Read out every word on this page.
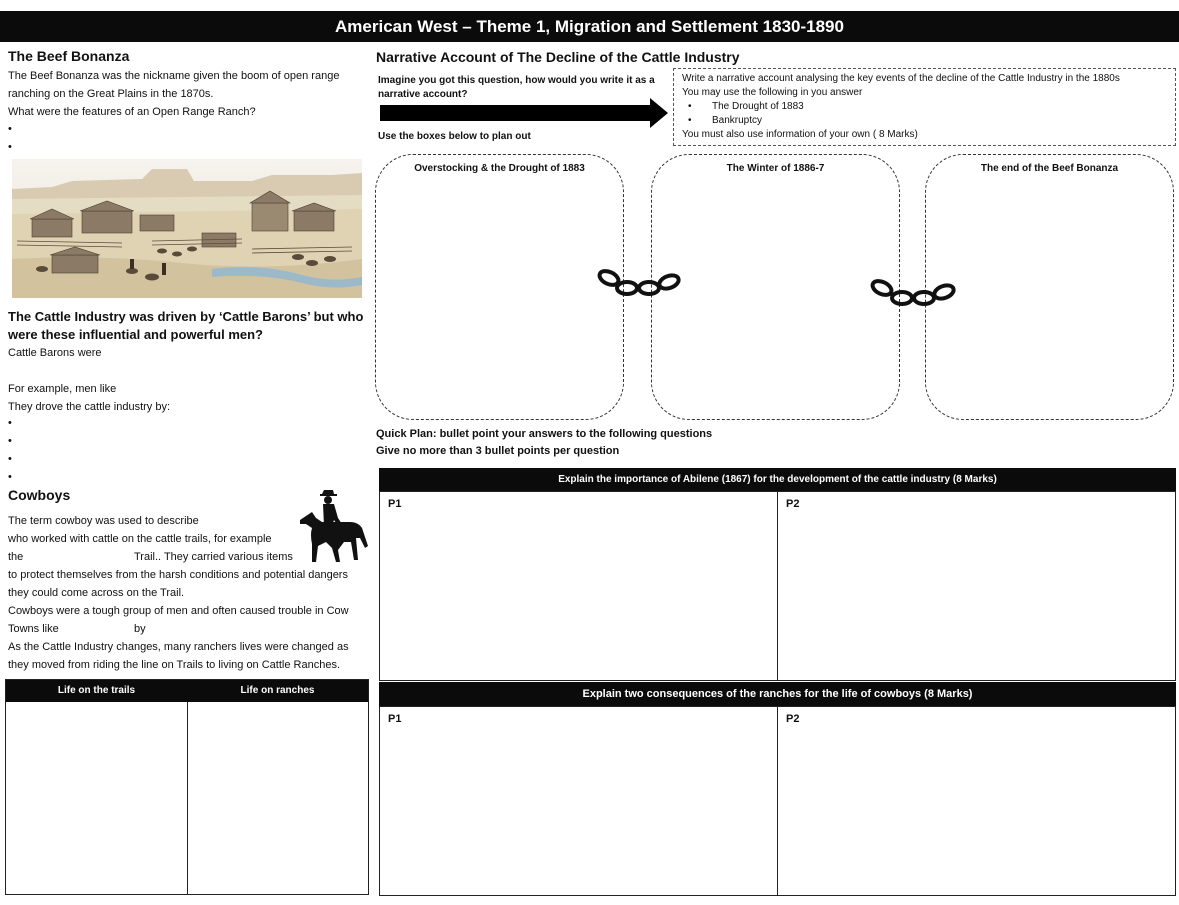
American West – Theme 1, Migration and Settlement 1830-1890
The Beef Bonanza
The Beef Bonanza was the nickname given the boom of open range
ranching on the Great Plains in the 1870s.
What were the features of an Open Range Ranch?
•
•
The Cattle Industry was driven by ‘Cattle Barons’ but who
were these influential and powerful men?
Cattle Barons were
For example, men like
They drove the cattle industry by:
•
•
•
•
Cowboys
The term cowboy was used to describe
who worked with cattle on the cattle trails, for example
the	Trail.. They carried various items
to protect themselves from the harsh conditions and potential dangers
they could come across on the Trail.
Cowboys were a tough group of men and often caused trouble in Cow
Towns like	by
As the Cattle Industry changes, many ranchers lives were changed as
they moved from riding the line on Trails to living on Cattle Ranches.
Life on the trails	Life on ranches
Narrative Account of The Decline of the Cattle Industry
Imagine you got this question, how would you write it as a
narrative account?
Use the boxes below to plan out
Write a narrative account analysing the key events of the decline of the Cattle Industry in the 1880s
You may use the following in you answer
• The Drought of 1883
• Bankruptcy
You must also use information of your own ( 8 Marks)
Overstocking & the Drought of 1883	The Winter of 1886-7	The end of the Beef Bonanza
Quick Plan: bullet point your answers to the following questions
Give no more than 3 bullet points per question
Explain the importance of Abilene (1867) for the development of the cattle industry (8 Marks)
P1	P2
Explain two consequences of the ranches for the life of cowboys (8 Marks)
P1	P2
